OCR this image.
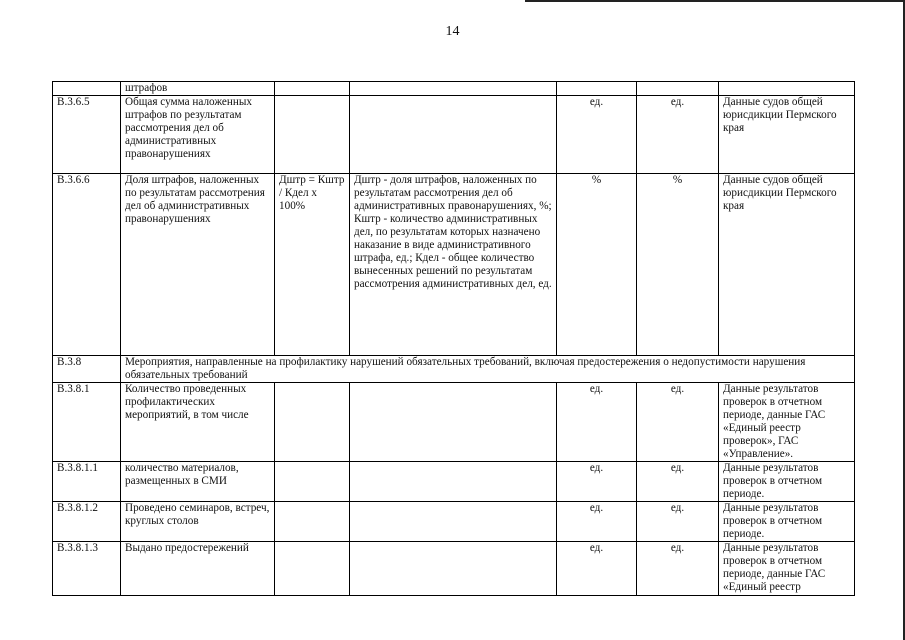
14
	штрафов					
В.3.6.5	Общая сумма наложенных штрафов по результатам рассмотрения дел об административных правонарушениях			ед.	ед.	Данные судов общей юрисдикции Пермского края
В.3.6.6	Доля штрафов, наложенных по результатам рассмотрения дел об административных правонарушениях	Дштр = Кштр / Кдел х 100%	Дштр - доля штрафов, наложенных по результатам рассмотрения дел об административных правонарушениях, %; Кштр - количество административных дел, по результатам которых назначено наказание в виде административного штрафа, ед.; Кдел - общее количество вынесенных решений по результатам рассмотрения административных дел, ед.	%	%	Данные судов общей юрисдикции Пермского края
В.3.8	Мероприятия, направленные на профилактику нарушений обязательных требований, включая предостережения о недопустимости нарушения обязательных требований					
В.3.8.1	Количество проведенных профилактических мероприятий, в том числе			ед.	ед.	Данные результатов проверок в отчетном периоде, данные ГАС «Единый реестр проверок», ГАС «Управление».
В.3.8.1.1	количество материалов, размещенных в СМИ			ед.	ед.	Данные результатов проверок в отчетном периоде.
В.3.8.1.2	Проведено семинаров, встреч, круглых столов			ед.	ед.	Данные результатов проверок в отчетном периоде.
В.3.8.1.3	Выдано предостережений			ед.	ед.	Данные результатов проверок в отчетном периоде, данные ГАС «Единый реестр
